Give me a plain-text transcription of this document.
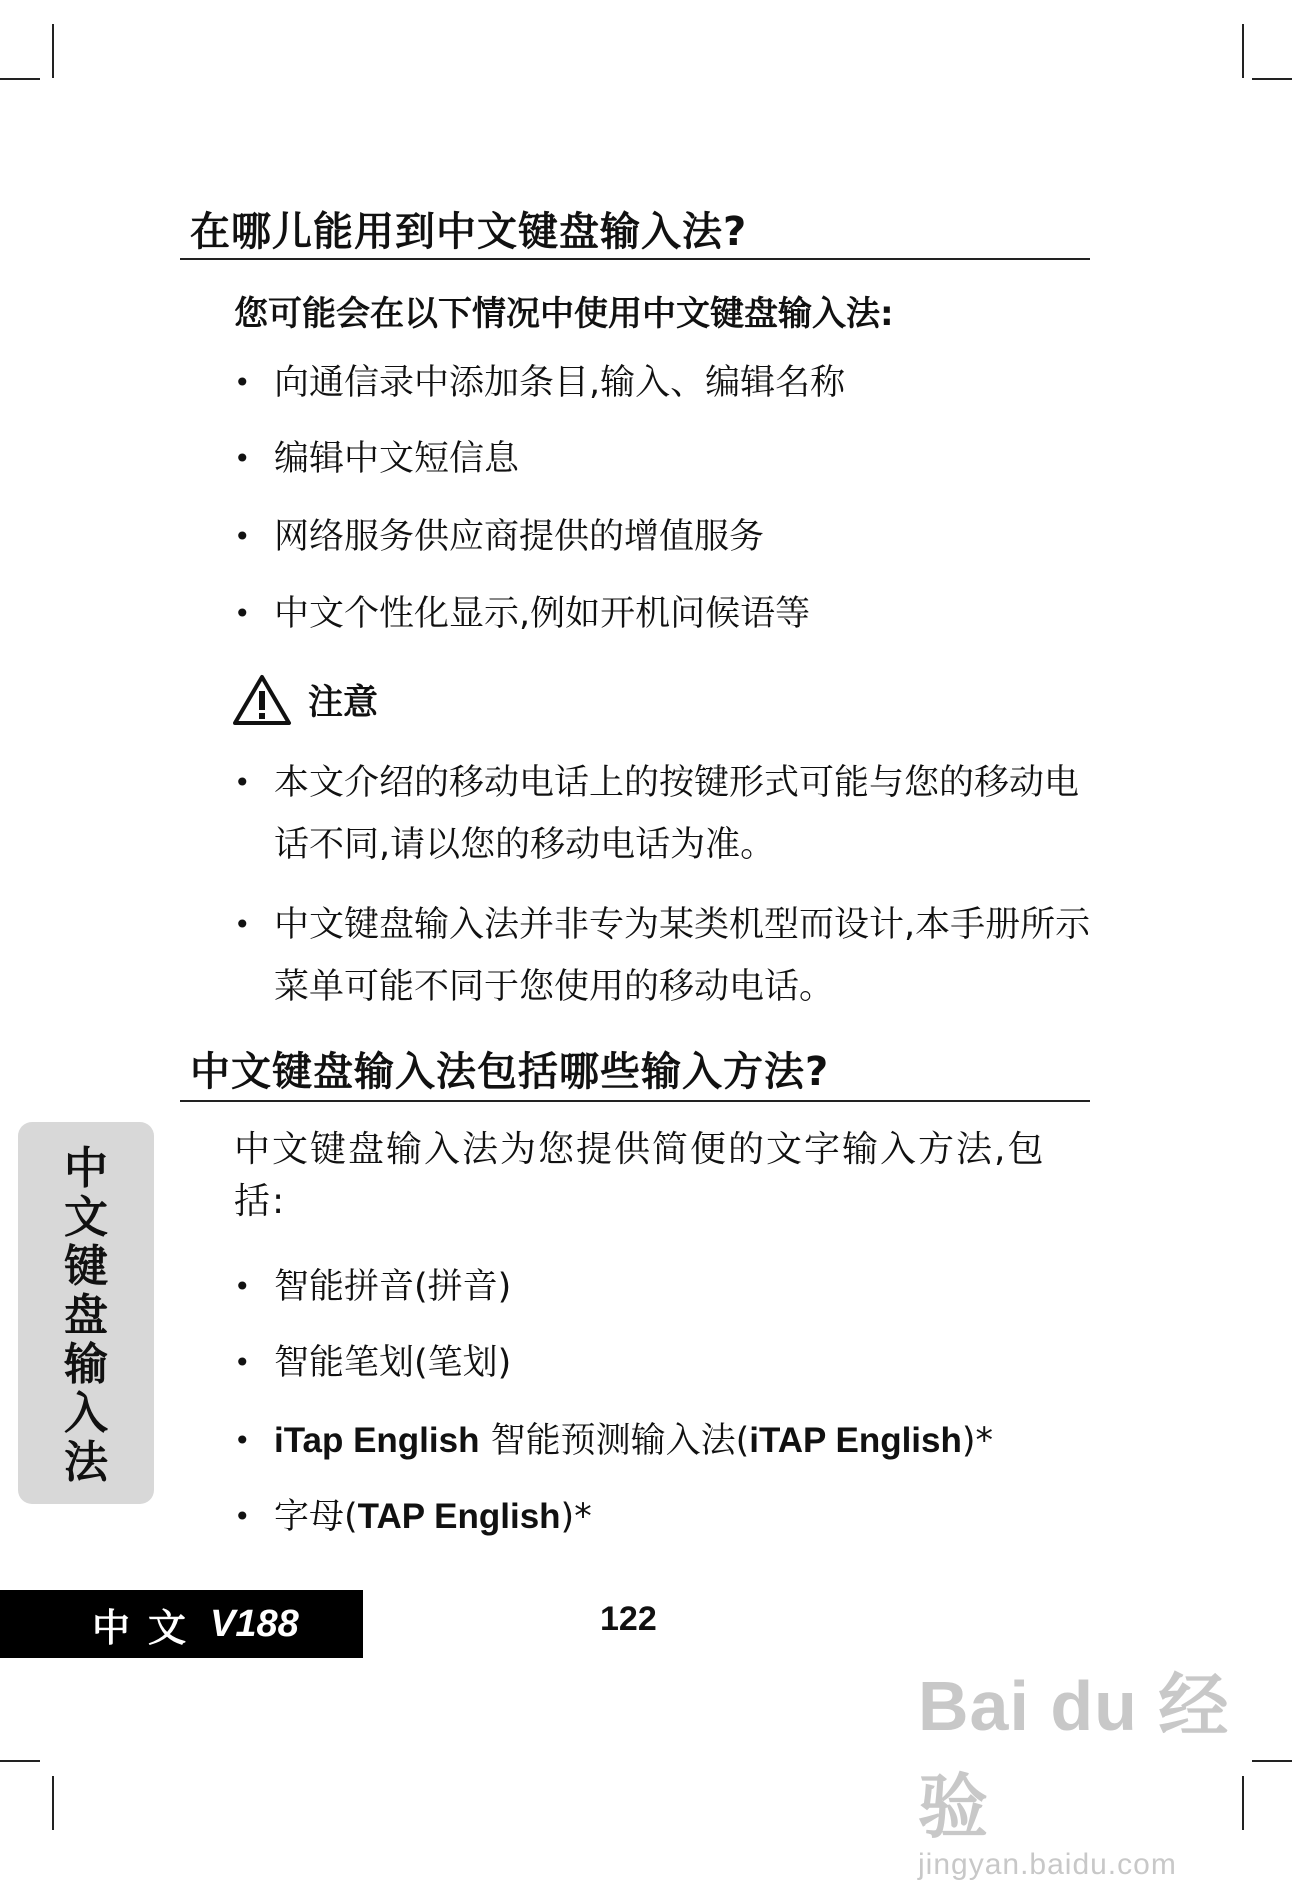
在哪儿能用到中文键盘输入法?
您可能会在以下情况中使用中文键盘输入法:
• 向通信录中添加条目,输入、编辑名称
• 编辑中文短信息
• 网络服务供应商提供的增值服务
• 中文个性化显示,例如开机问候语等
注意
• 本文介绍的移动电话上的按键形式可能与您的移动电话不同,请以您的移动电话为准。
• 中文键盘输入法并非专为某类机型而设计,本手册所示菜单可能不同于您使用的移动电话。
中文键盘输入法包括哪些输入方法?
中文键盘输入法为您提供简便的文字输入方法,包括:
• 智能拼音(拼音)
• 智能笔划(笔划)
• iTap English 智能预测输入法(iTAP English)*
• 字母(TAP English)*
中
文
键
盘
输
入
法
中文 V188	122
Bai du 经验
jingyan.baidu.com
